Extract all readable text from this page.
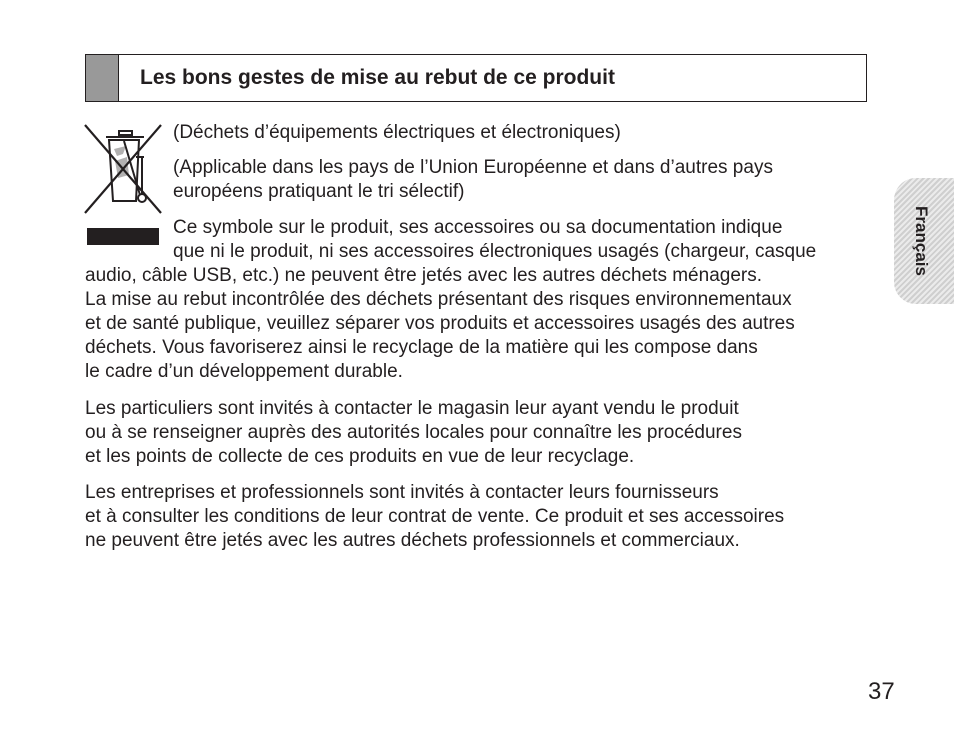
Les bons gestes de mise au rebut de ce produit
(Déchets d’équipements électriques et électroniques)
(Applicable dans les pays de l’Union Européenne et dans d’autres pays
européens pratiquant le tri sélectif)
Ce symbole sur le produit, ses accessoires ou sa documentation indique
que ni le produit, ni ses accessoires électroniques usagés (chargeur, casque
audio, câble USB, etc.) ne peuvent être jetés avec les autres déchets ménagers.
La mise au rebut incontrôlée des déchets présentant des risques environnementaux
et de santé publique, veuillez séparer vos produits et accessoires usagés des autres
déchets. Vous favoriserez ainsi le recyclage de la matière qui les compose dans
le cadre d’un développement durable.
Les particuliers sont invités à contacter le magasin leur ayant vendu le produit
ou à se renseigner auprès des autorités locales pour connaître les procédures
et les points de collecte de ces produits en vue de leur recyclage.
Les entreprises et professionnels sont invités à contacter leurs fournisseurs
et à consulter les conditions de leur contrat de vente. Ce produit et ses accessoires
ne peuvent être jetés avec les autres déchets professionnels et commerciaux.
Français
37
